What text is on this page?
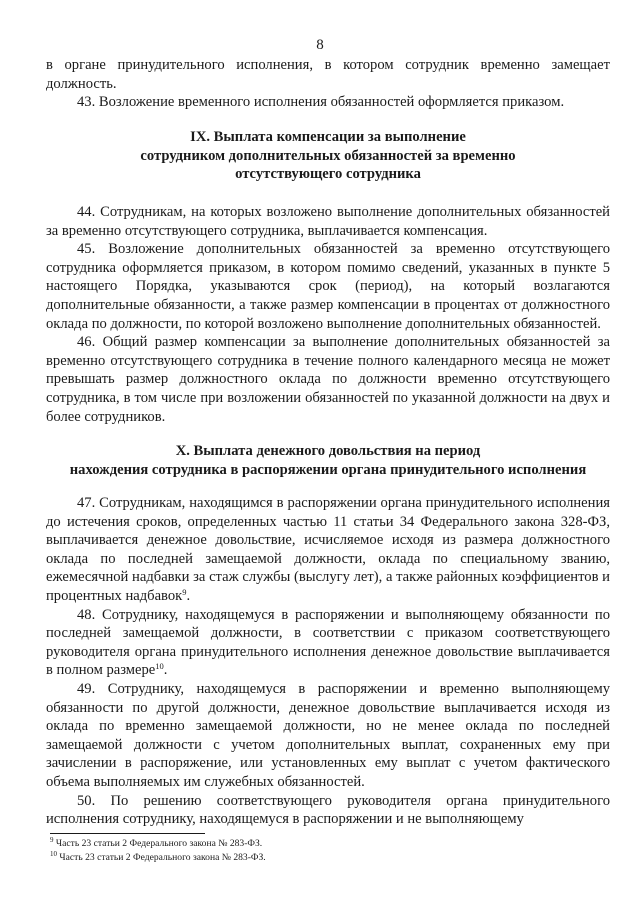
8

в органе принудительного исполнения, в котором сотрудник временно замещает должность.

43. Возложение временного исполнения обязанностей оформляется приказом.

IX. Выплата компенсации за выполнение
сотрудником дополнительных обязанностей за временно
отсутствующего сотрудника

44. Сотрудникам, на которых возложено выполнение дополнительных обязанностей за временно отсутствующего сотрудника, выплачивается компенсация.

45. Возложение дополнительных обязанностей за временно отсутствующего сотрудника оформляется приказом, в котором помимо сведений, указанных в пункте 5 настоящего Порядка, указываются срок (период), на который возлагаются дополнительные обязанности, а также размер компенсации в процентах от должностного оклада по должности, по которой возложено выполнение дополнительных обязанностей.

46. Общий размер компенсации за выполнение дополнительных обязанностей за временно отсутствующего сотрудника в течение полного календарного месяца не может превышать размер должностного оклада по должности временно отсутствующего сотрудника, в том числе при возложении обязанностей по указанной должности на двух и более сотрудников.

X. Выплата денежного довольствия на период
нахождения сотрудника в распоряжении органа принудительного исполнения

47. Сотрудникам, находящимся в распоряжении органа принудительного исполнения до истечения сроков, определенных частью 11 статьи 34 Федерального закона 328-ФЗ, выплачивается денежное довольствие, исчисляемое исходя из размера должностного оклада по последней замещаемой должности, оклада по специальному званию, ежемесячной надбавки за стаж службы (выслугу лет), а также районных коэффициентов и процентных надбавок$^9$.

48. Сотруднику, находящемуся в распоряжении и выполняющему обязанности по последней замещаемой должности, в соответствии с приказом соответствующего руководителя органа принудительного исполнения денежное довольствие выплачивается в полном размере$^{10}$.

49. Сотруднику, находящемуся в распоряжении и временно выполняющему обязанности по другой должности, денежное довольствие выплачивается исходя из оклада по временно замещаемой должности, но не менее оклада по последней замещаемой должности с учетом дополнительных выплат, сохраненных ему при зачислении в распоряжение, или установленных ему выплат с учетом фактического объема выполняемых им служебных обязанностей.

50. По решению соответствующего руководителя органа принудительного исполнения сотруднику, находящемуся в распоряжении и не выполняющему

$^9$ Часть 23 статьи 2 Федерального закона № 283-ФЗ.
$^{10}$ Часть 23 статьи 2 Федерального закона № 283-ФЗ.
